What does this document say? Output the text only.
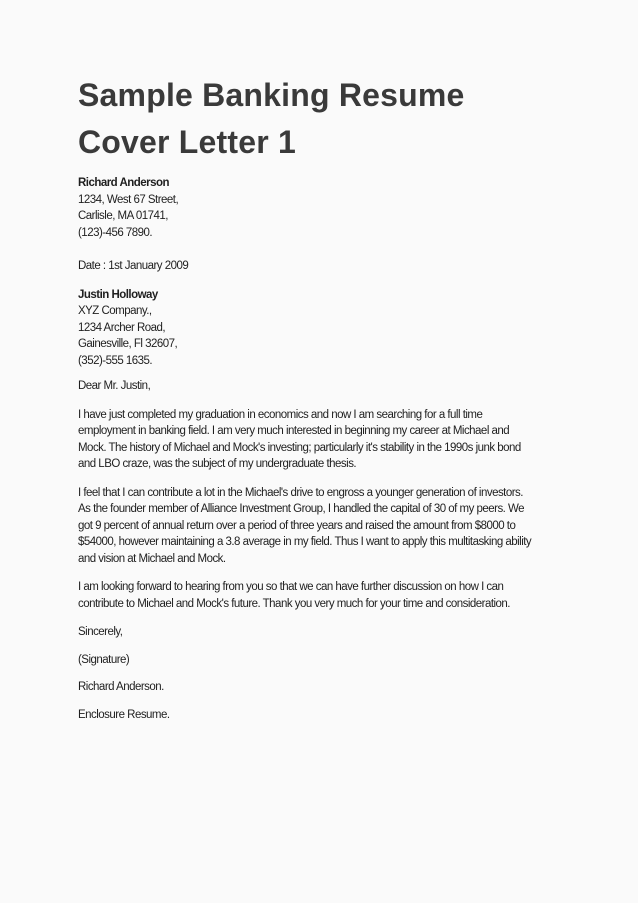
Sample Banking Resume
Cover Letter 1
Richard Anderson
1234, West 67 Street,
Carlisle, MA 01741,
(123)-456 7890.
Date : 1st January 2009
Justin Holloway
XYZ Company.,
1234 Archer Road,
Gainesville, Fl 32607,
(352)-555 1635.
Dear Mr. Justin,
I have just completed my graduation in economics and now I am searching for a full time
employment in banking field. I am very much interested in beginning my career at Michael and
Mock. The history of Michael and Mock's investing; particularly it's stability in the 1990s junk bond
and LBO craze, was the subject of my undergraduate thesis.
I feel that I can contribute a lot in the Michael's drive to engross a younger generation of investors.
As the founder member of Alliance Investment Group, I handled the capital of 30 of my peers. We
got 9 percent of annual return over a period of three years and raised the amount from $8000 to
$54000, however maintaining a 3.8 average in my field. Thus I want to apply this multitasking ability
and vision at Michael and Mock.
I am looking forward to hearing from you so that we can have further discussion on how I can
contribute to Michael and Mock's future. Thank you very much for your time and consideration.
Sincerely,
(Signature)
Richard Anderson.
Enclosure Resume.
